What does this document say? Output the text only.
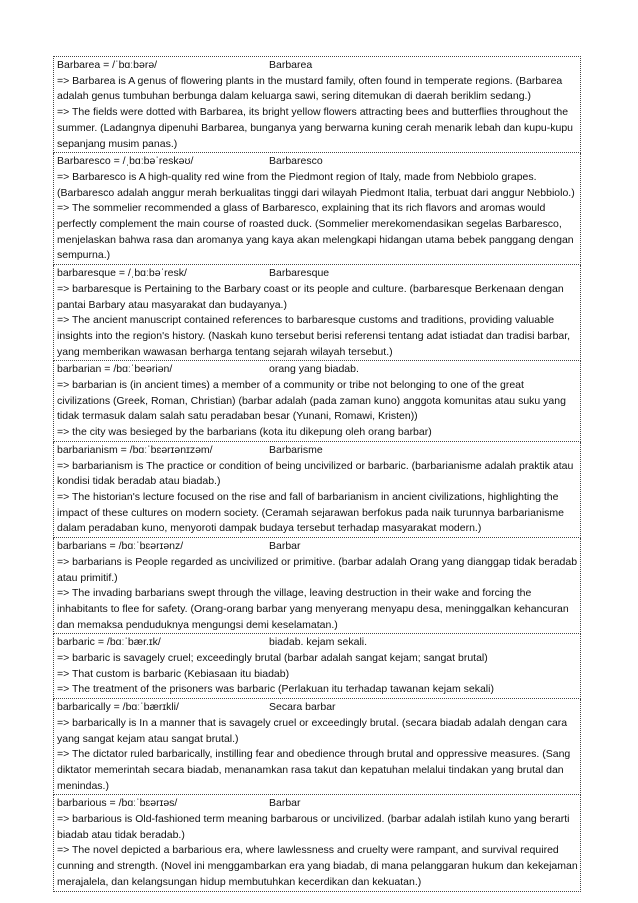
Barbarea = /ˈbɑːbərə/	Barbarea
=> Barbarea is A genus of flowering plants in the mustard family, often found in temperate regions. (Barbarea adalah genus tumbuhan berbunga dalam keluarga sawi, sering ditemukan di daerah beriklim sedang.)
=> The fields were dotted with Barbarea, its bright yellow flowers attracting bees and butterflies throughout the summer. (Ladangnya dipenuhi Barbarea, bunganya yang berwarna kuning cerah menarik lebah dan kupu-kupu sepanjang musim panas.)
Barbaresco = /ˌbɑːbəˈreskəʊ/	Barbaresco
=> Barbaresco is A high-quality red wine from the Piedmont region of Italy, made from Nebbiolo grapes. (Barbaresco adalah anggur merah berkualitas tinggi dari wilayah Piedmont Italia, terbuat dari anggur Nebbiolo.)
=> The sommelier recommended a glass of Barbaresco, explaining that its rich flavors and aromas would perfectly complement the main course of roasted duck. (Sommelier merekomendasikan segelas Barbaresco, menjelaskan bahwa rasa dan aromanya yang kaya akan melengkapi hidangan utama bebek panggang dengan sempurna.)
barbaresque = /ˌbɑːbəˈresk/	Barbaresque
=> barbaresque is Pertaining to the Barbary coast or its people and culture. (barbaresque Berkenaan dengan pantai Barbary atau masyarakat dan budayanya.)
=> The ancient manuscript contained references to barbaresque customs and traditions, providing valuable insights into the region's history. (Naskah kuno tersebut berisi referensi tentang adat istiadat dan tradisi barbar, yang memberikan wawasan berharga tentang sejarah wilayah tersebut.)
barbarian = /bɑːˈbeəriən/	orang yang biadab.
=> barbarian is (in ancient times) a member of a community or tribe not belonging to one of the great civilizations (Greek, Roman, Christian) (barbar adalah (pada zaman kuno) anggota komunitas atau suku yang tidak termasuk dalam salah satu peradaban besar (Yunani, Romawi, Kristen))
=> the city was besieged by the barbarians (kota itu dikepung oleh orang barbar)
barbarianism = /bɑːˈbɛərɪənɪzəm/	Barbarisme
=> barbarianism is The practice or condition of being uncivilized or barbaric. (barbarianisme adalah praktik atau kondisi tidak beradab atau biadab.)
=> The historian's lecture focused on the rise and fall of barbarianism in ancient civilizations, highlighting the impact of these cultures on modern society. (Ceramah sejarawan berfokus pada naik turunnya barbarianisme dalam peradaban kuno, menyoroti dampak budaya tersebut terhadap masyarakat modern.)
barbarians = /bɑːˈbɛərɪənz/	Barbar
=> barbarians is People regarded as uncivilized or primitive. (barbar adalah Orang yang dianggap tidak beradab atau primitif.)
=> The invading barbarians swept through the village, leaving destruction in their wake and forcing the inhabitants to flee for safety. (Orang-orang barbar yang menyerang menyapu desa, meninggalkan kehancuran dan memaksa penduduknya mengungsi demi keselamatan.)
barbaric = /bɑːˈbær.ɪk/	biadab. kejam sekali.
=> barbaric is savagely cruel; exceedingly brutal (barbar adalah sangat kejam; sangat brutal)
=> That custom is barbaric (Kebiasaan itu biadab)
=> The treatment of the prisoners was barbaric (Perlakuan itu terhadap tawanan kejam sekali)
barbarically = /bɑːˈbærɪkli/	Secara barbar
=> barbarically is In a manner that is savagely cruel or exceedingly brutal. (secara biadab adalah dengan cara yang sangat kejam atau sangat brutal.)
=> The dictator ruled barbarically, instilling fear and obedience through brutal and oppressive measures. (Sang diktator memerintah secara biadab, menanamkan rasa takut dan kepatuhan melalui tindakan yang brutal dan menindas.)
barbarious = /bɑːˈbɛərɪəs/	Barbar
=> barbarious is Old-fashioned term meaning barbarous or uncivilized. (barbar adalah istilah kuno yang berarti biadab atau tidak beradab.)
=> The novel depicted a barbarious era, where lawlessness and cruelty were rampant, and survival required cunning and strength. (Novel ini menggambarkan era yang biadab, di mana pelanggaran hukum dan kekejaman merajalela, dan kelangsungan hidup membutuhkan kecerdikan dan kekuatan.)
